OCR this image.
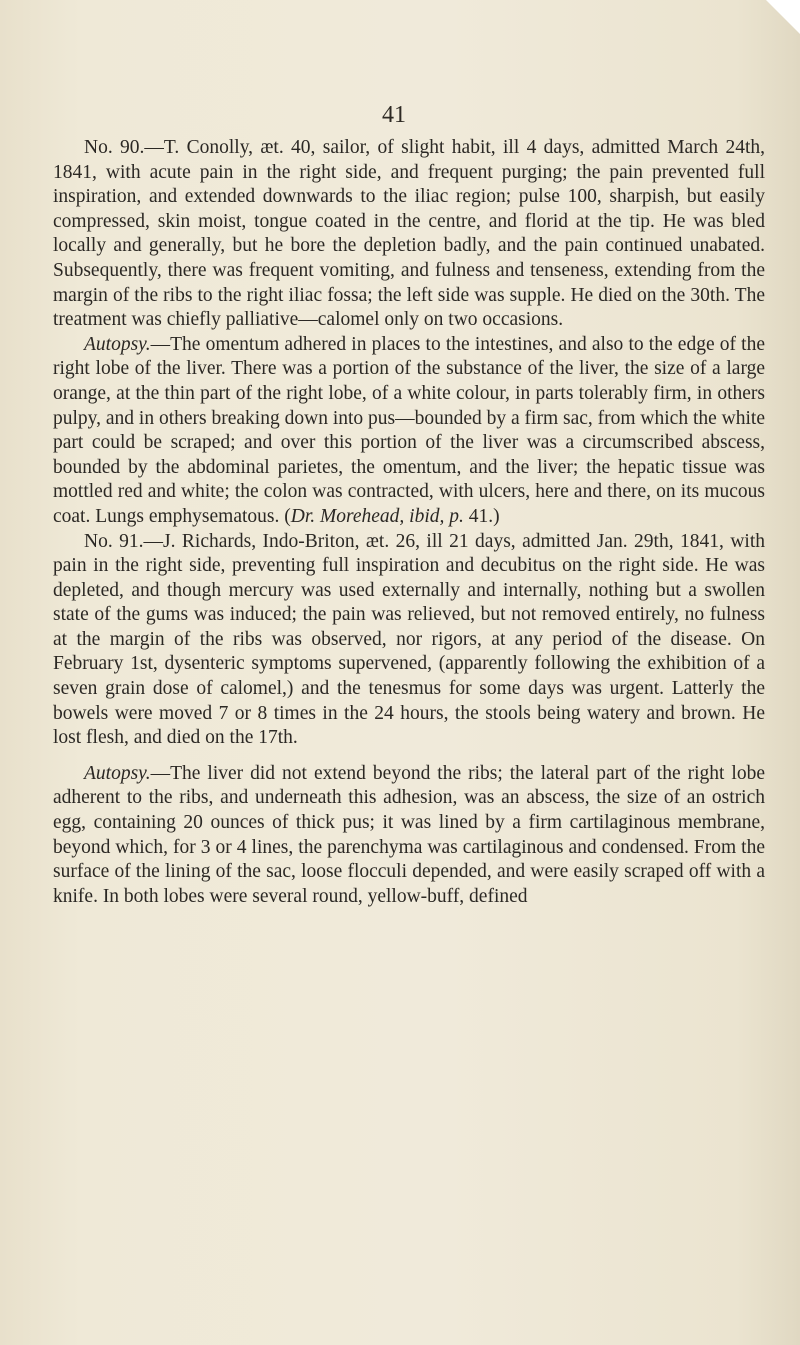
41

No. 90.—T. Conolly, æt. 40, sailor, of slight habit, ill 4 days, admitted March 24th, 1841, with acute pain in the right side, and frequent purging; the pain prevented full inspiration, and extended downwards to the iliac region; pulse 100, sharpish, but easily compressed, skin moist, tongue coated in the centre, and florid at the tip. He was bled locally and generally, but he bore the depletion badly, and the pain continued unabated. Subsequently, there was frequent vomiting, and fulness and tenseness, extending from the margin of the ribs to the right iliac fossa; the left side was supple. He died on the 30th. The treatment was chiefly palliative—calomel only on two occasions.

Autopsy.—The omentum adhered in places to the intestines, and also to the edge of the right lobe of the liver. There was a portion of the substance of the liver, the size of a large orange, at the thin part of the right lobe, of a white colour, in parts tolerably firm, in others pulpy, and in others breaking down into pus—bounded by a firm sac, from which the white part could be scraped; and over this portion of the liver was a circumscribed abscess, bounded by the abdominal parietes, the omentum, and the liver; the hepatic tissue was mottled red and white; the colon was contracted, with ulcers, here and there, on its mucous coat. Lungs emphysematous. (Dr. Morehead, ibid, p. 41.)

No. 91.—J. Richards, Indo-Briton, æt. 26, ill 21 days, admitted Jan. 29th, 1841, with pain in the right side, preventing full inspiration and decubitus on the right side. He was depleted, and though mercury was used externally and internally, nothing but a swollen state of the gums was induced; the pain was relieved, but not removed entirely, no fulness at the margin of the ribs was observed, nor rigors, at any period of the disease. On February 1st, dysenteric symptoms supervened, (apparently following the exhibition of a seven grain dose of calomel,) and the tenesmus for some days was urgent. Latterly the bowels were moved 7 or 8 times in the 24 hours, the stools being watery and brown. He lost flesh, and died on the 17th.

Autopsy.—The liver did not extend beyond the ribs; the lateral part of the right lobe adherent to the ribs, and underneath this adhesion, was an abscess, the size of an ostrich egg, containing 20 ounces of thick pus; it was lined by a firm cartilaginous membrane, beyond which, for 3 or 4 lines, the parenchyma was cartilaginous and condensed. From the surface of the lining of the sac, loose flocculi depended, and were easily scraped off with a knife. In both lobes were several round, yellow-buff, defined
